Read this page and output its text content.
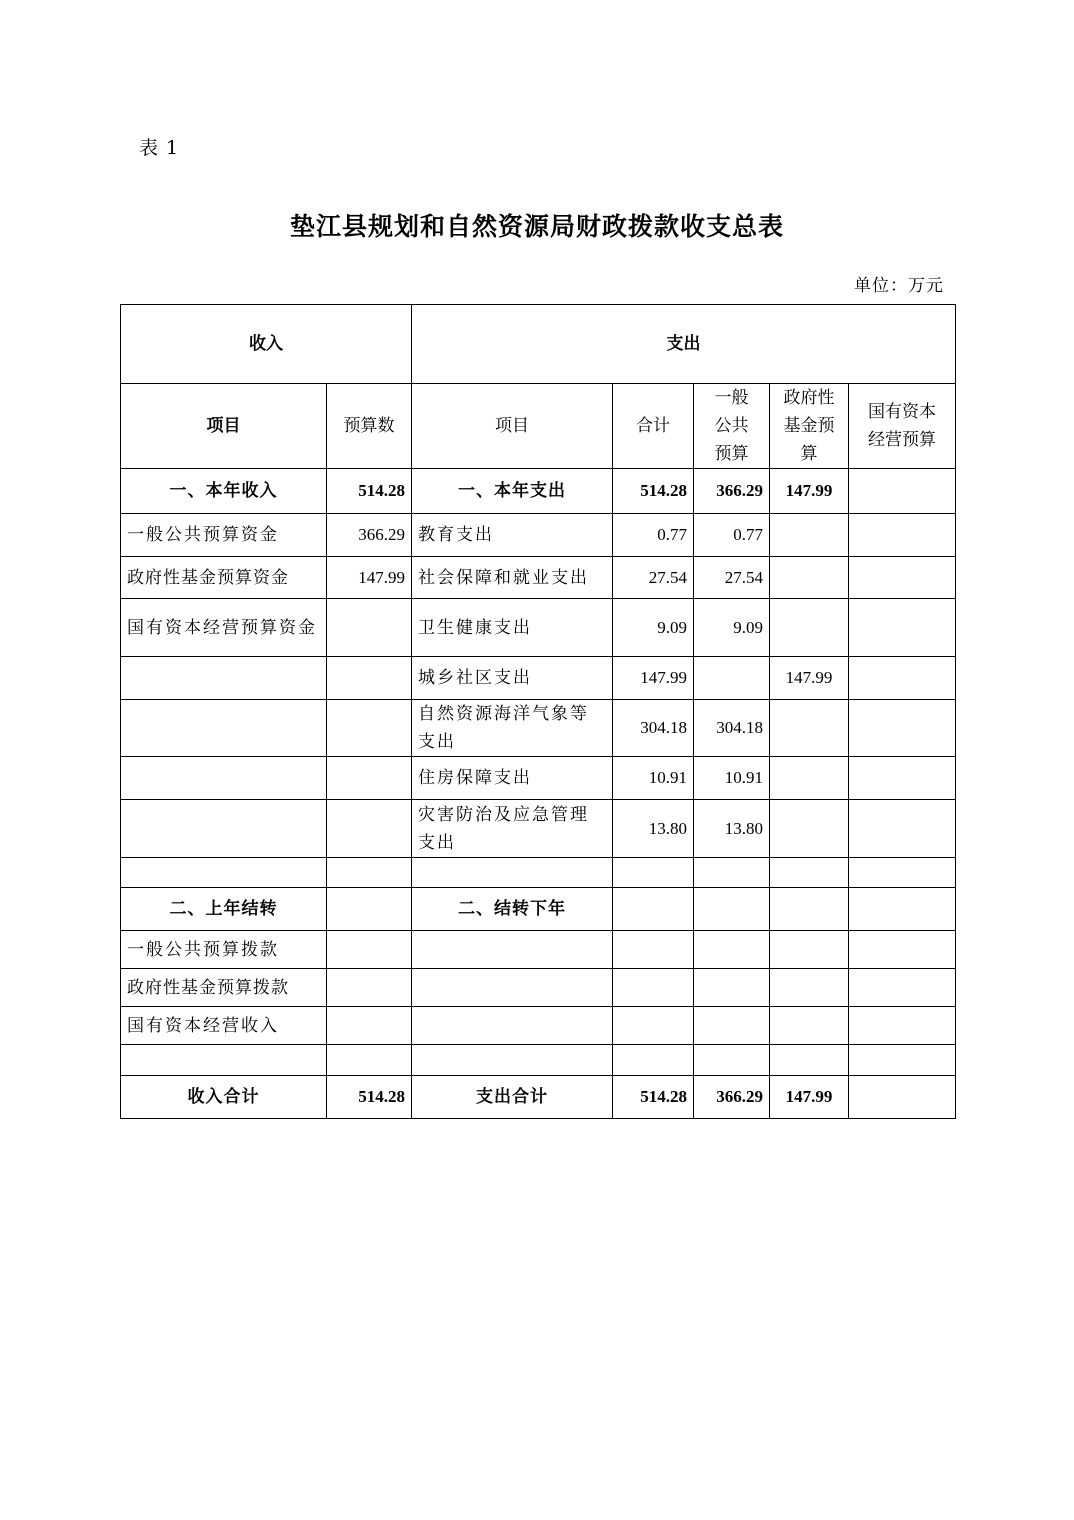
表 1
垫江县规划和自然资源局财政拨款收支总表
单位：万元
收入		支出				
项目	预算数	项目	合计	一般公共预算	政府性基金预算	国有资本经营预算
一、本年收入	514.28	一、本年支出	514.28	366.29	147.99	
一般公共预算资金	366.29	教育支出	0.77	0.77		
政府性基金预算资金	147.99	社会保障和就业支出	27.54	27.54		
国有资本经营预算资金		卫生健康支出	9.09	9.09		
		城乡社区支出	147.99		147.99	
		自然资源海洋气象等支出	304.18	304.18		
		住房保障支出	10.91	10.91		
		灾害防治及应急管理支出	13.80	13.80		

二、上年结转		二、结转下年				
一般公共预算拨款						
政府性基金预算拨款						
国有资本经营收入						

收入合计	514.28	支出合计	514.28	366.29	147.99	
